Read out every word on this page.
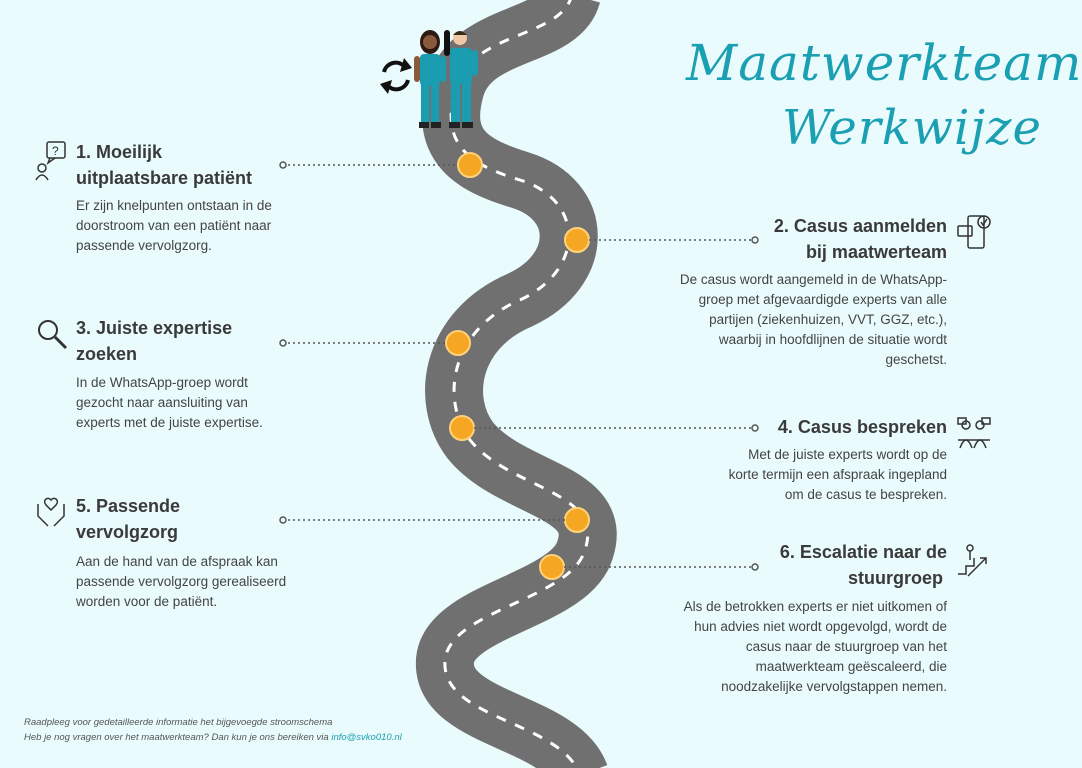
?
Maatwerkteam
Werkwijze
1. Moeilijk
uitplaatsbare patiënt
Er zijn knelpunten ontstaan in de
doorstroom van een patiënt naar
passende vervolgzorg.
2. Casus aanmelden
bij maatwerteam
De casus wordt aangemeld in de WhatsApp-
groep met afgevaardigde experts van alle
partijen (ziekenhuizen, VVT, GGZ, etc.),
waarbij in hoofdlijnen de situatie wordt
geschetst.
3. Juiste expertise
zoeken
In de WhatsApp-groep wordt
gezocht naar aansluiting van
experts met de juiste expertise.	4. Casus bespreken
Met de juiste experts wordt op de
korte termijn een afspraak ingepland
om de casus te bespreken.
5. Passende
vervolgzorg
Aan de hand van de afspraak kan
passende vervolgzorg gerealiseerd
worden voor de patiënt.
6. Escalatie naar de
stuurgroep
Als de betrokken experts er niet uitkomen of
hun advies niet wordt opgevolgd, wordt de
casus naar de stuurgroep van het
maatwerkteam geëscaleerd, die
noodzakelijke vervolgstappen nemen.
Raadpleeg voor gedetailleerde informatie het bijgevoegde stroomschema
Heb je nog vragen over het maatwerkteam? Dan kun je ons bereiken via info@svko010.nl
